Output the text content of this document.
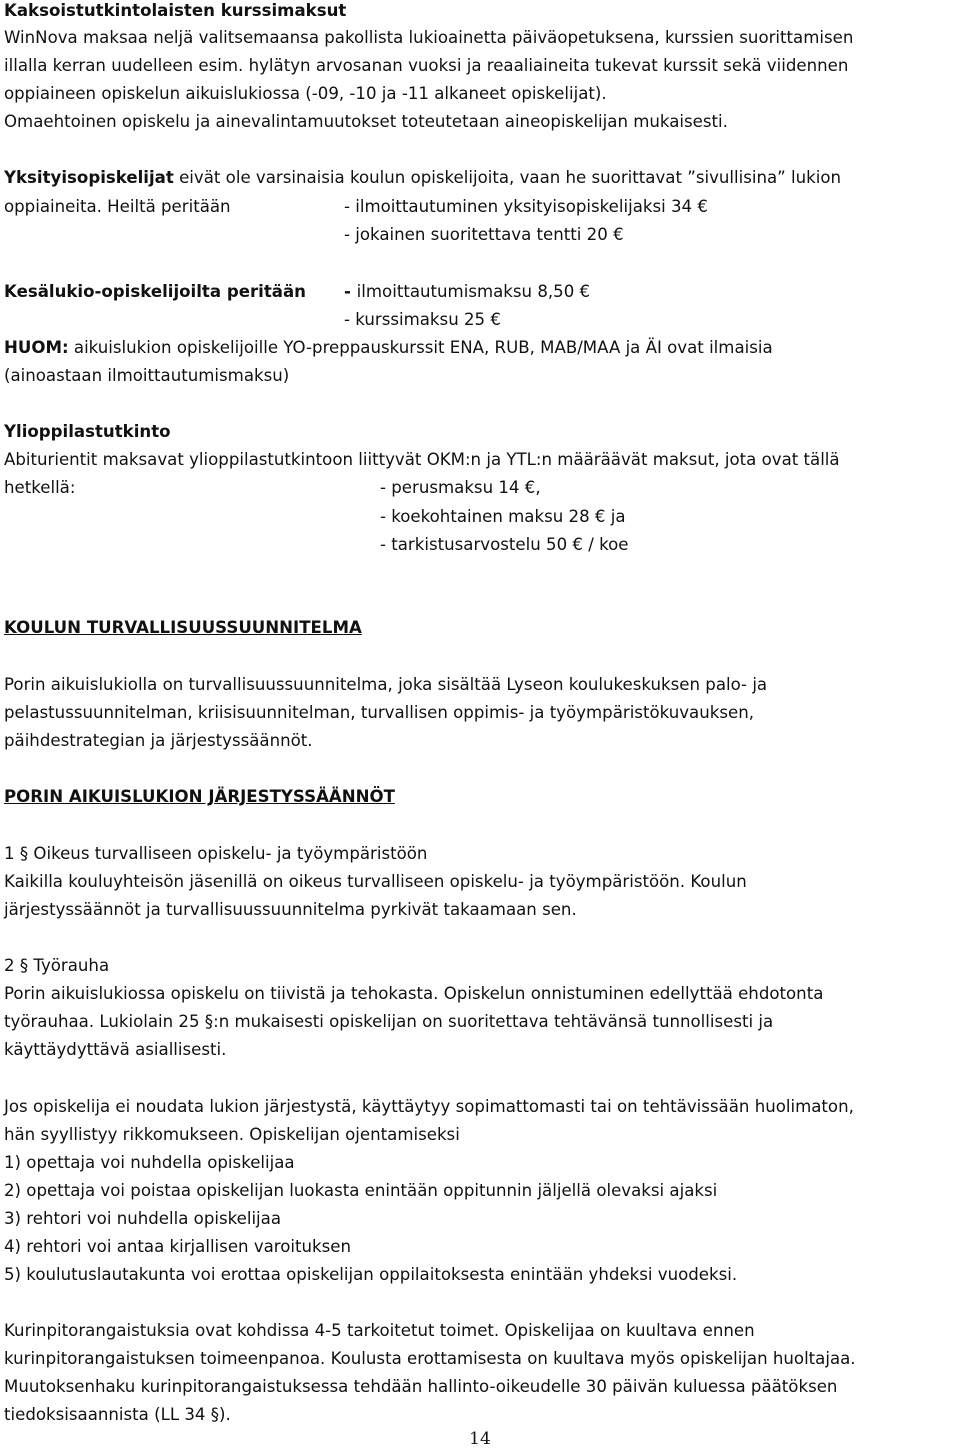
Kaksoistutkintolaisten kurssimaksut
WinNova maksaa neljä valitsemaansa pakollista lukioainetta päiväopetuksena, kurssien suorittamisen
illalla kerran uudelleen esim. hylätyn arvosanan vuoksi ja reaaliaineita tukevat kurssit sekä viidennen
oppiaineen opiskelun aikuislukiossa (-09, -10 ja -11 alkaneet opiskelijat).
Omaehtoinen opiskelu ja ainevalintamuutokset toteutetaan aineopiskelijan mukaisesti.
Yksityisopiskelijat eivät ole varsinaisia koulun opiskelijoita, vaan he suorittavat ”sivullisina” lukion
oppiaineita. Heiltä peritään	- ilmoittautuminen yksityisopiskelijaksi 34 €
- jokainen suoritettava tentti 20 €
Kesälukio-opiskelijoilta peritään - ilmoittautumismaksu 8,50 €
- kurssimaksu 25 €
HUOM: aikuislukion opiskelijoille YO-preppauskurssit ENA, RUB, MAB/MAA ja ÄI ovat ilmaisia
(ainoastaan ilmoittautumismaksu)
Ylioppilastutkinto
Abiturientit maksavat ylioppilastutkintoon liittyvät OKM:n ja YTL:n määräävät maksut, jota ovat tällä
hetkellä:	- perusmaksu 14 €,
- koekohtainen maksu 28 € ja
- tarkistusarvostelu 50 € / koe
KOULUN TURVALLISUUSSUUNNITELMA
Porin aikuislukiolla on turvallisuussuunnitelma, joka sisältää Lyseon koulukeskuksen palo- ja
pelastussuunnitelman, kriisisuunnitelman, turvallisen oppimis- ja työympäristökuvauksen,
päihdestrategian ja järjestyssäännöt.
PORIN AIKUISLUKION JÄRJESTYSSÄÄNNÖT
1 § Oikeus turvalliseen opiskelu- ja työympäristöön
Kaikilla kouluyhteisön jäsenillä on oikeus turvalliseen opiskelu- ja työympäristöön. Koulun
järjestyssäännöt ja turvallisuussuunnitelma pyrkivät takaamaan sen.
2 § Työrauha
Porin aikuislukiossa opiskelu on tiivistä ja tehokasta. Opiskelun onnistuminen edellyttää ehdotonta
työrauhaa. Lukiolain 25 §:n mukaisesti opiskelijan on suoritettava tehtävänsä tunnollisesti ja
käyttäydyttävä asiallisesti.
Jos opiskelija ei noudata lukion järjestystä, käyttäytyy sopimattomasti tai on tehtävissään huolimaton,
hän syyllistyy rikkomukseen. Opiskelijan ojentamiseksi
1) opettaja voi nuhdella opiskelijaa
2) opettaja voi poistaa opiskelijan luokasta enintään oppitunnin jäljellä olevaksi ajaksi
3) rehtori voi nuhdella opiskelijaa
4) rehtori voi antaa kirjallisen varoituksen
5) koulutuslautakunta voi erottaa opiskelijan oppilaitoksesta enintään yhdeksi vuodeksi.
Kurinpitorangaistuksia ovat kohdissa 4-5 tarkoitetut toimet. Opiskelijaa on kuultava ennen
kurinpitorangaistuksen toimeenpanoa. Koulusta erottamisesta on kuultava myös opiskelijan huoltajaa.
Muutoksenhaku kurinpitorangaistuksessa tehdään hallinto-oikeudelle 30 päivän kuluessa päätöksen
tiedoksisaannista (LL 34 §).
14
